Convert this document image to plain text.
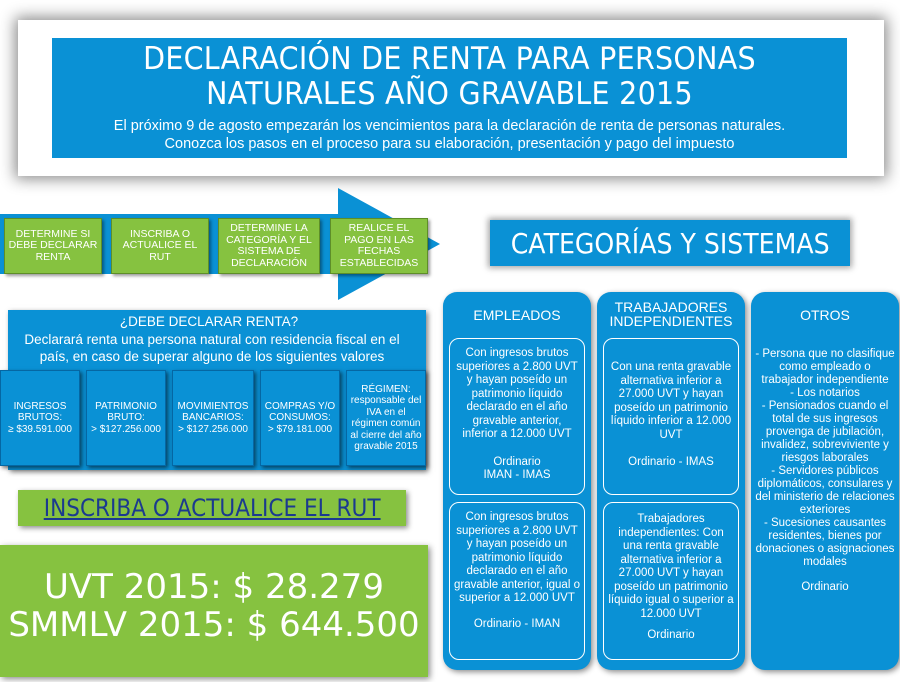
DECLARACIÓN DE RENTA PARA PERSONAS NATURALES AÑO GRAVABLE 2015
El próximo 9 de agosto empezarán los vencimientos para la declaración de renta de personas naturales.
Conozca los pasos en el proceso para su elaboración, presentación y pago del impuesto
DETERMINE SI DEBE DECLARAR RENTA
INSCRIBA O ACTUALICE EL RUT
DETERMINE LA CATEGORÍA Y EL SISTEMA DE DECLARACIÓN
REALICE EL PAGO EN LAS FECHAS ESTABLECIDAS
¿DEBE DECLARAR RENTA?
Declarará renta una persona natural con residencia fiscal en el país, en caso de superar alguno de los siguientes valores
INGRESOS BRUTOS:
≥ $39.591.000
PATRIMONIO BRUTO:
> $127.256.000
MOVIMIENTOS BANCARIOS:
> $127.256.000
COMPRAS Y/O CONSUMOS:
> $79.181.000
RÉGIMEN:
responsable del IVA en el régimen común al cierre del año gravable 2015
INSCRIBA O ACTUALICE EL RUT
UVT 2015: $ 28.279
SMMLV 2015: $ 644.500
CATEGORÍAS Y SISTEMAS
EMPLEADOS

Con ingresos brutos superiores a 2.800 UVT y hayan poseído un patrimonio líquido declarado en el año gravable anterior, inferior a 12.000 UVT

Ordinario

IMAN - IMAS

Con ingresos brutos superiores a 2.800 UVT y hayan poseído un patrimonio líquido declarado en el año gravable anterior, igual o superior a 12.000 UVT

Ordinario - IMAN

TRABAJADORES INDEPENDIENTES

Con una renta gravable alternativa inferior a 27.000 UVT y hayan poseído un patrimonio líquido inferior a 12.000 UVT

Ordinario - IMAS

Trabajadores independientes: Con una renta gravable alternativa inferior a 27.000 UVT y hayan poseído un patrimonio líquido igual o superior a 12.000 UVT

Ordinario

OTROS

- Persona que no clasifique como empleado o trabajador independiente

- Los notarios

- Pensionados cuando el total de sus ingresos provenga de jubilación, invalidez, sobreviviente y riesgos laborales

- Servidores públicos diplomáticos, consulares y del ministerio de relaciones exteriores

- Sucesiones causantes residentes, bienes por donaciones o asignaciones modales

Ordinario
